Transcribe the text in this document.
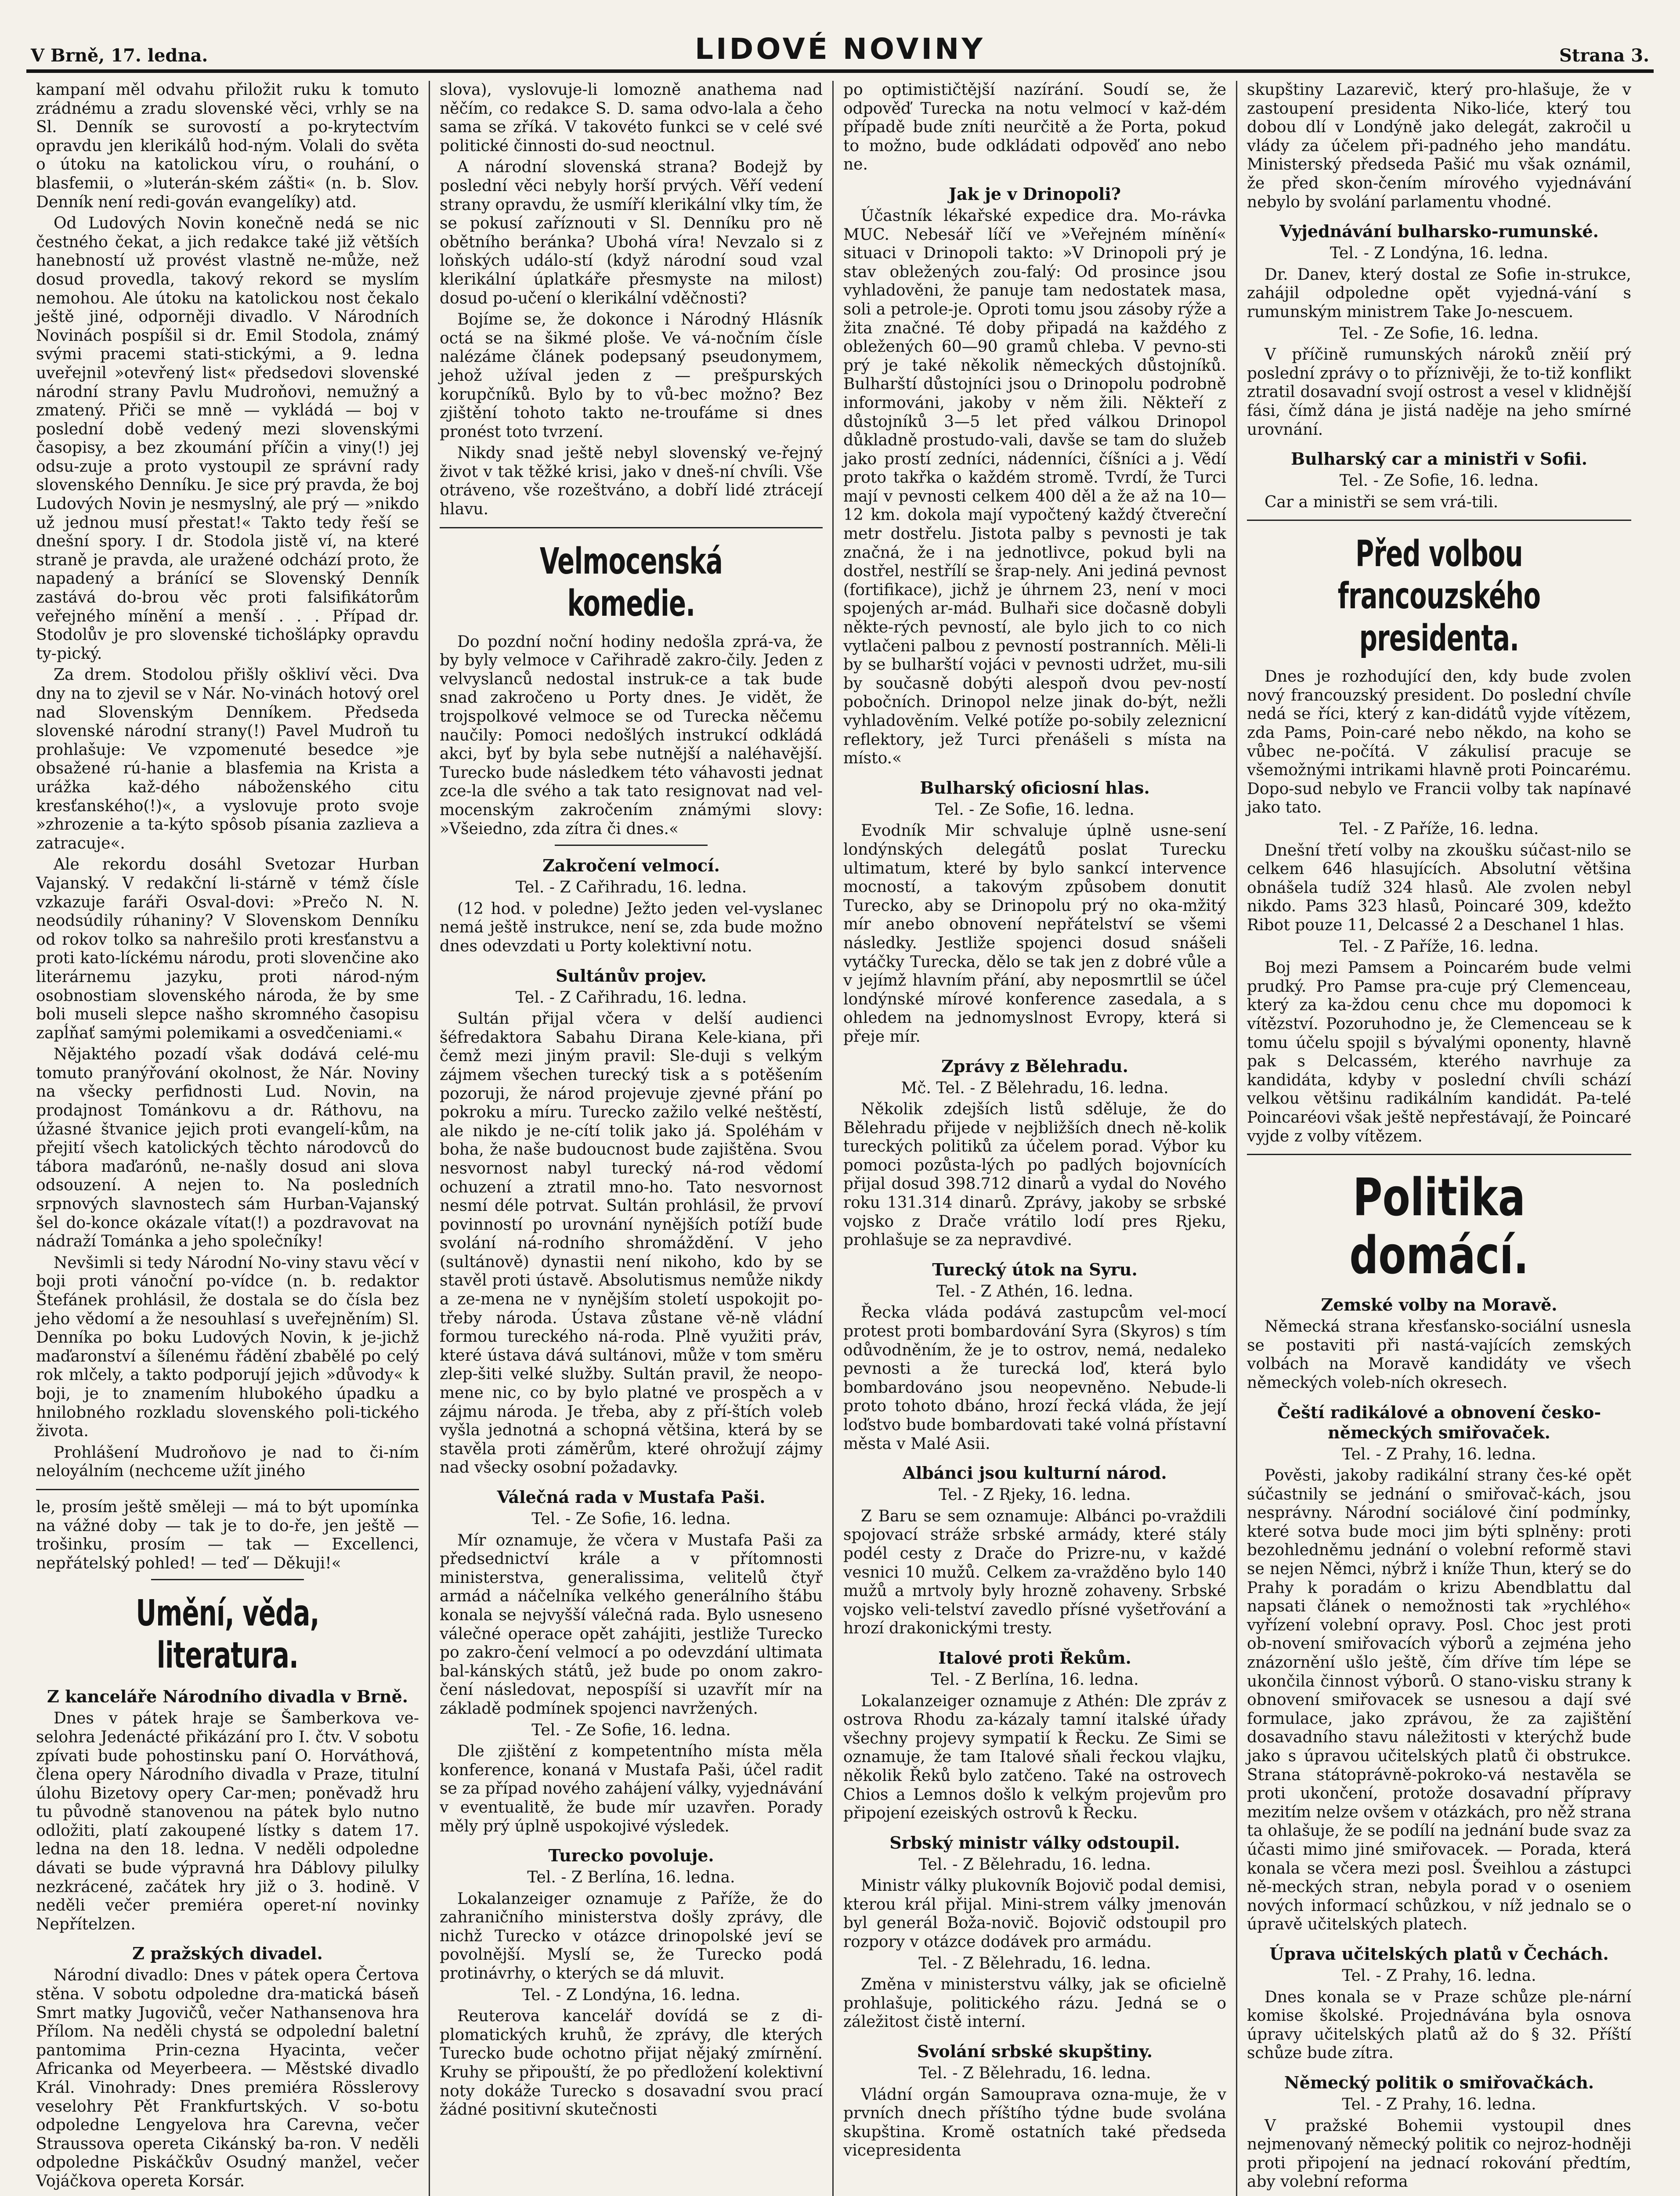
V Brně, 17. ledna.	LIDOVÉ NOVINY	Strana 3.

kampaní měl odvahu přiložit ruku k tomuto zrádnému a zradu slovenské věci, vrhly se na Sl. Denník se surovostí a po-krytectvím opravdu jen klerikálů hod-ným. Volali do světa o útoku na katolickou víru, o rouhání, o blasfemii, o »luterán-ském zášti« (n. b. Slov. Denník není redi-gován evangelíky) atd.

Od Ludových Novin konečně nedá se nic čestného čekat, a jich redakce také již větších hanebností už provést vlastně ne-může, než dosud provedla, takový rekord se myslím nemohou. Ale útoku na katolickou nost čekalo ještě jiné, odporněji divadlo. V Národních Novinách pospíšil si dr. Emil Stodola, známý svými pracemi stati-stickými, a 9. ledna uveřejnil »otevřený list« předsedovi slovenské národní strany Pavlu Mudroňovi, nemužný a zmatený. Přiči se mně — vykládá — boj v poslední době vedený mezi slovenskými časopisy, a bez zkoumání příčin a viny(!) jej odsu-zuje a proto vystoupil ze správní rady slovenského Denníku. Je sice prý pravda, že boj Ludových Novin je nesmyslný, ale prý — »nikdo už jednou musí přestat!« Takto tedy řeší se dnešní spory. I dr. Stodola jistě ví, na které straně je pravda, ale uražené odchází proto, že napadený a bránící se Slovenský Denník zastává do-brou věc proti falsifikátorům veřejného mínění a menší . . . Případ dr. Stodolův je pro slovenské tichošlápky opravdu ty-pický.

Za drem. Stodolou přišly oškliví věci. Dva dny na to zjevil se v Nár. No-vinách hotový orel nad Slovenským Denníkem. Předseda slovenské národní strany(!) Pavel Mudroň tu prohlašuje: Ve vzpomenuté besedce »je obsažené rú-hanie a blasfemia na Krista a urážka kaž-dého náboženského citu kresťanského(!)«, a vyslovuje proto svoje »zhrozenie a ta-kýto spôsob písania zazlieva a zatracuje«.

Ale rekordu dosáhl Svetozar Hurban Vajanský. V redakční li-stárně v témž čísle vzkazuje faráři Osval-dovi: »Prečo N. N. neodsúdily rúhaniny? V Slovenskom Denníku od rokov tolko sa nahrešilo proti kresťanstvu a proti kato-líckému národu, proti slovenčine ako literárnemu jazyku, proti národ-ným osobnostiam slovenského národa, že by sme boli museli slepce našho skromného časopisu zapĺňať samými polemikami a osvedčeniami.«

Nějaktého pozadí však dodává celé-mu tomuto pranýřování okolnost, že Nár. Noviny na všecky perfidnosti Lud. Novin, na prodajnost Tománkovu a dr. Ráthovu, na úžasné štvanice jejich proti evangelí-kům, na přejití všech katolických těchto národovců do tábora maďarónů, ne-našly dosud ani slova odsouzení. A nejen to. Na posledních srpnových slavnostech sám Hurban-Vajanský šel do-konce okázale vítat(!) a pozdravovat na nádraží Tománka a jeho společníky!

Nevšimli si tedy Národní No-viny stavu věcí v boji proti vánoční po-vídce (n. b. redaktor Štefánek prohlásil, že dostala se do čísla bez jeho vědomí a že nesouhlasí s uveřejněním) Sl. Denníka po boku Ludových Novin, k je-jichž maďaronství a šílenému řádění zbabělé po celý rok mlčely, a takto podporují jejich »důvody« k boji, je to znamením hlubokého úpadku a hnilobného rozkladu slovenského poli-tického života.

Prohlášení Mudroňovo je nad to či-ním neloyálním (nechceme užít jiného

le, prosím ještě směleji — má to být upomínka na vážné doby — tak je to do-ře, jen ještě — trošinku, prosím — tak — Excellenci, nepřátelský pohled! — teď — Děkuji!«

Umění, věda, literatura.
Z kanceláře Národního divadla v Brně.

Dnes v pátek hraje se Šamberkova ve-selohra Jedenácté přikázání pro I. čtv. V sobotu zpívati bude pohostinsku paní O. Horváthová, člena opery Národního divadla v Praze, titulní úlohu Bizetovy opery Car-men; poněvadž hru tu původně stanovenou na pátek bylo nutno odložiti, platí zakoupené lístky s datem 17. ledna na den 18. ledna. V neděli odpoledne dávati se bude výpravná hra Dáblovy pilulky nezkrácené, začátek hry již o 3. hodině. V neděli večer premiéra operet-ní novinky Nepřítelzen.

Z pražských divadel.

Národní divadlo: Dnes v pátek opera Čertova stěna. V sobotu odpoledne dra-matická báseň Smrt matky Jugovičů, večer Nathansenova hra Přílom. Na neděli chystá se odpolední baletní pantomima Prin-cezna Hyacinta, večer Africanka od Meyerbeera. — Městské divadlo Král. Vinohrady: Dnes premiéra Rösslerovy veselohry Pět Frankfurtských. V so-botu odpoledne Lengyelova hra Carevna, večer Straussova opereta Cikánský ba-ron. V neděli odpoledne Piskáčkův Osudný manžel, večer Vojáčkova opereta Korsár.

slova), vyslovuje-li lomozně anathema nad něčím, co redakce S. D. sama odvo-lala a čeho sama se zříká. V takovéto funkci se v celé své politické činnosti do-sud neoctnul.

A národní slovenská strana? Bodejž by poslední věci nebyly horší prvých. Věří vedení strany opravdu, že usmíří klerikální vlky tím, že se pokusí zaříznouti v Sl. Denníku pro ně obětního beránka? Ubohá víra! Nevzalo si z loňských událo-stí (když národní soud vzal klerikální úplatkáře přesmyste na milost) dosud po-učení o klerikální vděčnosti?

Bojíme se, že dokonce i Národný Hlásník octá se na šikmé ploše. Ve vá-nočním čísle nalézáme článek podepsaný pseudonymem, jehož užíval jeden z — prešpurských korupčníků. Bylo by to vů-bec možno? Bez zjištění tohoto takto ne-troufáme si dnes pronést toto tvrzení.

Nikdy snad ještě nebyl slovenský ve-řejný život v tak těžké krisi, jako v dneš-ní chvíli. Vše otráveno, vše rozeštváno, a dobří lidé ztrácejí hlavu.

Velmocenská komedie.

Do pozdní noční hodiny nedošla zprá-va, že by byly velmoce v Cařihradě zakro-čily. Jeden z velvyslanců nedostal instruk-ce a tak bude snad zakročeno u Porty dnes. Je vidět, že trojspolkové velmoce se od Turecka něčemu naučily: Pomoci nedošlých instrukcí odkládá akci, byť by byla sebe nutnější a naléhavější. Turecko bude následkem této váhavosti jednat zce-la dle svého a tak tato resignovat nad vel-mocenským zakročením známými slovy: »Všeiedno, zda zítra či dnes.«

Zakročení velmocí.

Tel. - Z Cařihradu, 16. ledna.

(12 hod. v poledne) Ježto jeden vel-vyslanec nemá ještě instrukce, není se, zda bude možno dnes odevzdati u Porty kolektivní notu.

Sultánův projev.

Tel. - Z Cařihradu, 16. ledna.

Sultán přijal včera v delší audienci šéfredaktora Sabahu Dirana Kele-kiana, při čemž mezi jiným pravil: Sle-duji s velkým zájmem všechen turecký tisk a s potěšením pozoruji, že národ projevuje zjevné přání po pokroku a míru. Turecko zažilo velké neštěstí, ale nikdo je ne-cítí tolik jako já. Spoléhám v boha, že naše budoucnost bude zajištěna. Svou nesvornost nabyl turecký ná-rod vědomí ochuzení a ztratil mno-ho. Tato nesvornost nesmí déle potrvat. Sultán prohlásil, že prvoví povinností po urovnání nynějších potíží bude svolání ná-rodního shromáždění. V jeho (sultánově) dynastii není nikoho, kdo by se stavěl proti ústavě. Absolutismus nemůže nikdy a ze-mena ne v nynějším století uspokojit po-třeby národa. Ústava zůstane vě-ně vládní formou tureckého ná-roda. Plně využiti práv, které ústava dává sultánovi, může v tom směru zlep-šiti velké služby. Sultán pravil, že neopo-mene nic, co by bylo platné ve prospěch a v zájmu národa. Je třeba, aby z pří-štích voleb vyšla jednotná a schopná většina, která by se stavěla proti záměrům, které ohrožují zájmy nad všecky osobní požadavky.

Válečná rada v Mustafa Paši.

Tel. - Ze Sofie, 16. ledna.

Mír oznamuje, že včera v Mustafa Paši za předsednictví krále a v přítomnosti ministerstva, generalissima, velitelů čtyř armád a náčelníka velkého generálního štábu konala se nejvyšší válečná rada. Bylo usneseno válečné operace opět zahájiti, jestliže Turecko po zakro-čení velmocí a po odevzdání ultimata bal-kánských států, jež bude po onom zakro-čení následovat, nepospíší si uzavřít mír na základě podmínek spojenci navržených.

Tel. - Ze Sofie, 16. ledna.

Dle zjištění z kompetentního místa měla konference, konaná v Mustafa Paši, účel radit se za případ nového zahájení války, vyjednávání v eventualitě, že bude mír uzavřen. Porady měly prý úplně uspokojivé výsledek.

Turecko povoluje.

Tel. - Z Berlína, 16. ledna.

Lokalanzeiger oznamuje z Paříže, že do zahraničního ministerstva došly zprávy, dle nichž Turecko v otázce drinopolské jeví se povolnější. Myslí se, že Turecko podá protinávrhy, o kterých se dá mluvit.

Tel. - Z Londýna, 16. ledna.

Reuterova kancelář dovídá se z di-plomatických kruhů, že zprávy, dle kterých Turecko bude ochotno přijat nějaký zmírnění. Kruhy se připouští, že po předložení kolektivní noty dokáže Turecko s dosavadní svou prací žádné positivní skutečnosti

po optimističtější nazírání. Soudí se, že odpověď Turecka na notu velmocí v kaž-dém případě bude zníti neurčitě a že Porta, pokud to možno, bude odkládati odpověď ano nebo ne.

Jak je v Drinopoli?

Účastník lékařské expedice dra. Mo-rávka MUC. Nebesář líčí ve »Veřejném mínění« situaci v Drinopoli takto: »V Drinopoli prý je stav obležených zou-falý: Od prosince jsou vyhladověni, že panuje tam nedostatek masa, soli a petrole-je. Oproti tomu jsou zásoby rýže a žita značné. Té doby připadá na každého z obležených 60—90 gramů chleba. V pevno-sti prý je také několik německých důstojníků. Bulharští důstojníci jsou o Drinopolu podrobně informováni, jakoby v něm žili. Někteří z důstojníků 3—5 let před válkou Drinopol důkladně prostudo-vali, davše se tam do služeb jako prostí zedníci, nádenníci, číšníci a j. Vědí proto takřka o každém stromě. Tvrdí, že Turci mají v pevnosti celkem 400 děl a že až na 10—12 km. dokola mají vypočtený každý čtvereční metr dostřelu. Jistota palby s pevnosti je tak značná, že i na jednotlivce, pokud byli na dostřel, nestřílí se šrap-nely. Ani jediná pevnost (fortifikace), jichž je úhrnem 23, není v moci spojených ar-mád. Bulhaři sice dočasně dobyli někte-rých pevností, ale bylo jich to co nich vytlačeni palbou z pevností postranních. Měli-li by se bulharští vojáci v pevnosti udržet, mu-sili by současně dobýti alespoň dvou pev-ností pobočních. Drinopol nelze jinak do-být, nežli vyhladověním. Velké potíže po-sobily zeleznicní reflektory, jež Turci přenášeli s místa na místo.«

Bulharský oficiosní hlas.

Tel. - Ze Sofie, 16. ledna.

Evodník Mir schvaluje úplně usne-sení londýnských delegátů poslat Turecku ultimatum, které by bylo sankcí intervence mocností, a takovým způsobem donutit Turecko, aby se Drinopolu prý no oka-mžitý mír anebo obnovení nepřátelství se všemi následky. Jestliže spojenci dosud snášeli vytáčky Turecka, dělo se tak jen z dobré vůle a v jejímž hlavním přání, aby neposmrtlil se účel londýnské mírové konference zasedala, a s ohledem na jednomyslnost Evropy, která si přeje mír.

Zprávy z Bělehradu.

Mč. Tel. - Z Bělehradu, 16. ledna.

Několik zdejších listů sděluje, že do Bělehradu přijede v nejbližších dnech ně-kolik tureckých politiků za účelem porad. Výbor ku pomoci pozůsta-lých po padlých bojovnících přijal dosud 398.712 dinarů a vydal do Nového roku 131.314 dinarů. Zprávy, jakoby se srbské vojsko z Drače vrátilo lodí pres Rjeku, prohlašuje se za nepravdivé.

Turecký útok na Syru.

Tel. - Z Athén, 16. ledna.

Řecka vláda podává zastupcům vel-mocí protest proti bombardování Syra (Skyros) s tím odůvodněním, že je to ostrov, nemá, nedaleko pevnosti a že turecká loď, která bylo bombardováno jsou neopevněno. Nebude-li proto tohoto dbáno, hrozí řecká vláda, že její loďstvo bude bombardovati také volná přístavní města v Malé Asii.

Albánci jsou kulturní národ.

Tel. - Z Rjeky, 16. ledna.

Z Baru se sem oznamuje: Albánci po-vraždili spojovací stráže srbské armády, které stály podél cesty z Drače do Prizre-nu, v každé vesnici 10 mužů. Celkem za-vražděno bylo 140 mužů a mrtvoly byly hrozně zohaveny. Srbské vojsko veli-telství zavedlo přísné vyšetřování a hrozí drakonickými tresty.

Italové proti Řekům.

Tel. - Z Berlína, 16. ledna.

Lokalanzeiger oznamuje z Athén: Dle zpráv z ostrova Rhodu za-kázaly tamní italské úřady všechny projevy sympatií k Řecku. Ze Simi se oznamuje, že tam Italové sňali řeckou vlajku, několik Řeků bylo zatčeno. Také na ostrovech Chios a Lemnos došlo k velkým projevům pro připojení ezeiských ostrovů k Řecku.

Srbský ministr války odstoupil.

Tel. - Z Bělehradu, 16. ledna.

Ministr války plukovník Bojovič podal demisi, kterou král přijal. Mini-strem války jmenován byl generál Boža-novič. Bojovič odstoupil pro rozpory v otázce dodávek pro armádu.

Tel. - Z Bělehradu, 16. ledna.

Změna v ministerstvu války, jak se oficielně prohlašuje, politického rázu. Jedná se o záležitost čistě interní.

Svolání srbské skupštiny.

Tel. - Z Bělehradu, 16. ledna.

Vládní orgán Samouprava ozna-muje, že v prvních dnech příštího týdne bude svolána skupština. Kromě ostatních také předseda vicepresidenta

skupštiny Lazarevič, který pro-hlašuje, že v zastoupení presidenta Niko-liće, který tou dobou dlí v Londýně jako delegát, zakročil u vlády za účelem při-padného jeho mandátu. Ministerský předseda Pašić mu však oznámil, že před skon-čením mírového vyjednávání nebylo by svolání parlamentu vhodné.

Vyjednávání bulharsko-rumunské.

Tel. - Z Londýna, 16. ledna.

Dr. Danev, který dostal ze Sofie in-strukce, zahájil odpoledne opět vyjedná-vání s rumunským ministrem Take Jo-nescuem.

Tel. - Ze Sofie, 16. ledna.

V příčině rumunských nároků zněií prý poslední zprávy o to příznivěji, že to-tiž konflikt ztratil dosavadní svojí ostrost a vesel v klidnější fási, čímž dána je jistá naděje na jeho smírné urovnání.

Bulharský car a ministři v Sofii.

Tel. - Ze Sofie, 16. ledna.

Car a ministři se sem vrá-tili.

Před volbou francouzského presidenta.

Dnes je rozhodující den, kdy bude zvolen nový francouzský president. Do poslední chvíle nedá se říci, který z kan-didátů vyjde vítězem, zda Pams, Poin-caré nebo někdo, na koho se vůbec ne-počítá. V zákulisí pracuje se všemožnými intrikami hlavně proti Poincarému. Dopo-sud nebylo ve Francii volby tak napínavé jako tato.

Tel. - Z Paříže, 16. ledna.

Dnešní třetí volby na zkoušku súčast-nilo se celkem 646 hlasujících. Absolutní většina obnášela tudíž 324 hlasů. Ale zvolen nebyl nikdo. Pams 323 hlasů, Poincaré 309, kdežto Ribot pouze 11, Delcassé 2 a Deschanel 1 hlas.

Tel. - Z Paříže, 16. ledna.

Boj mezi Pamsem a Poincarém bude velmi prudký. Pro Pamse pra-cuje prý Clemenceau, který za ka-ždou cenu chce mu dopomoci k vítězství. Pozoruhodno je, že Clemenceau se k tomu účelu spojil s bývalými oponenty, hlavně pak s Delcassém, kterého navrhuje za kandidáta, kdyby v poslední chvíli schází velkou většinu radikálním kandidát. Pa-telé Poincaréovi však ještě nepřestávají, že Poincaré vyjde z volby vítězem.

Politika domácí.
Zemské volby na Moravě.

Německá strana křesťansko-sociální usnesla se postaviti při nastá-vajících zemských volbách na Moravě kandidáty ve všech německých voleb-ních okresech.

Čeští radikálové a obnovení česko-německých smiřovaček.

Tel. - Z Prahy, 16. ledna.

Pověsti, jakoby radikální strany čes-ké opět súčastnily se jednání o smiřovač-kách, jsou nesprávny. Národní sociálové činí podmínky, které sotva bude moci jim býti splněny: proti bezohledněmu jednání o volební reformě stavi se nejen Němci, nýbrž i kníže Thun, který se do Prahy k poradám o krizu Abendblattu dal napsati článek o nemožnosti tak »rychlého« vyřízení volební opravy. Posl. Choc jest proti ob-novení smiřovacích výborů a zejména jeho znázornění ušlo ještě, čím dříve tím lépe se ukončila činnost výborů. O stano-visku strany k obnovení smiřovacek se usnesou a dají své formulace, jako zprávou, že za zajištění dosavadního stavu náležitosti v kterýchž bude jako s úpravou učitelských platů či obstrukce. Strana státoprávně-pokroko-vá nestavěla se proti ukončení, protože dosavadní přípravy mezitím nelze ovšem v otázkách, pro něž strana ta ohlašuje, že se podílí na jednání bude svaz za účasti mimo jiné smiřovacek. — Porada, která konala se včera mezi posl. Šveihlou a zástupci ně-meckých stran, nebyla porad v o oseniem nových informací schůzkou, v níž jednalo se o úpravě učitelských platech.

Úprava učitelských platů v Čechách.

Tel. - Z Prahy, 16. ledna.

Dnes konala se v Praze schůze ple-nární komise školské. Projednávána byla osnova úpravy učitelských platů až do § 32. Příští schůze bude zítra.

Německý politik o smiřovačkách.

Tel. - Z Prahy, 16. ledna.

V pražské Bohemii vystoupil dnes nejmenovaný německý politik co nejroz-hodněji proti připojení na jednací rokování předtím, aby volební reforma
